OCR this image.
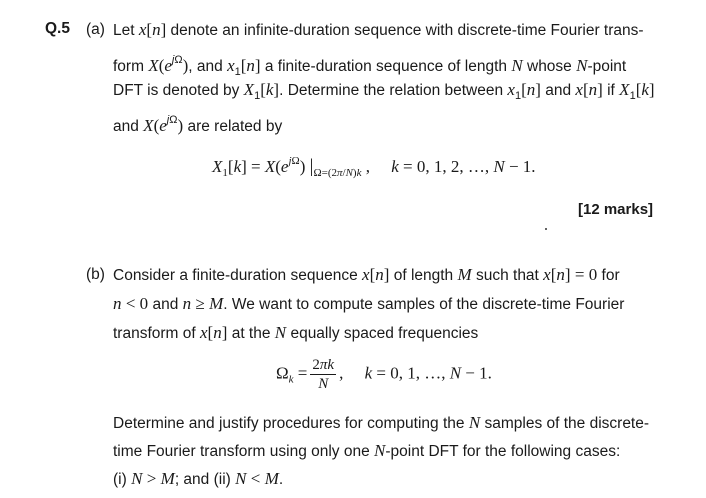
Q.5 (a) Let x[n] denote an infinite-duration sequence with discrete-time Fourier trans-
form $X(e^{j\Omega})$, and $x_1[n]$ a finite-duration sequence of length N whose N-point
DFT is denoted by $X_1[k]$. Determine the relation between $x_1[n]$ and x[n] if $X_1[k]$
and $X(e^{j\Omega})$ are related by
$X_1[k] = X(e^{j\Omega})$ $|_{\Omega=(2\pi/N)k}$ ,     k = 0, 1, 2, …, N − 1.
[12 marks]
(b) Consider a finite-duration sequence x[n] of length M such that x[n] = 0 for
n < 0 and n ≥ M. We want to compute samples of the discrete-time Fourier
transform of x[n] at the N equally spaced frequencies
$\Omega_k = \frac{2\pi k}{N}$ ,     k = 0, 1, …, N − 1.
Determine and justify procedures for computing the N samples of the discrete-
time Fourier transform using only one N-point DFT for the following cases:
(i) N > M; and (ii) N < M.
